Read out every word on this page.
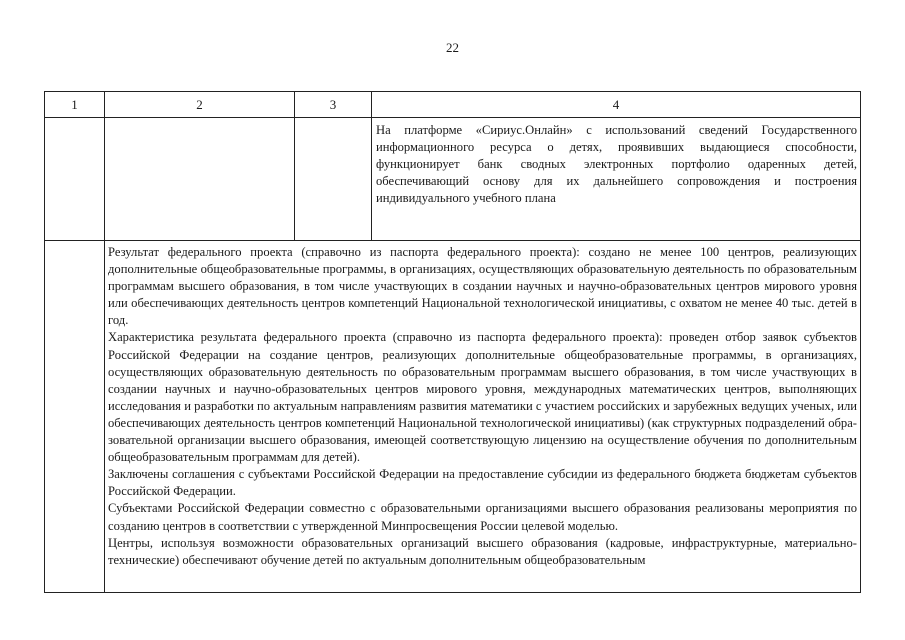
22
1	2	3	4
			На платформе «Сириус.Онлайн» с использований сведений Государственного информационного ресурса о детях, проявивших выдающиеся способности, функционирует банк сводных электронных портфолио одаренных детей, обеспечивающий основу для их дальнейшего сопровождения и построения индивидуального учебного плана

	Результат федерального проекта (справочно из паспорта федерального проекта): создано не менее 100 центров, реализующих дополнительные общеобразовательные программы, в организациях, осуществляющих образовательную деятельность по образовательным программам высшего образования, в том числе участвующих в создании научных и научно-образовательных центров мирового уровня или обеспечивающих деятельность центров компетенций Национальной технологической инициативы, с охватом не менее 40 тыс. детей в год.

Характеристика результата федерального проекта (справочно из паспорта федерального проекта): проведен отбор заявок субъектов Российской Федерации на создание центров, реализующих дополнительные общеобразовательные программы, в организациях, осуществляющих образовательную деятельность по образовательным программам высшего образования, в том числе участвующих в создании научных и научно-образовательных центров мирового уровня, международных математических центров, выполняющих исследования и разработки по актуальным направлениям развития математики с участием российских и зарубежных ведущих ученых, или обеспечивающих деятельность центров компетенций Национальной технологической инициативы) (как структурных подразделений образовательной организации высшего образования, имеющей соответствующую лицензию на осуществление обучения по дополнительным общеобразовательным программам для детей).

Заключены соглашения с субъектами Российской Федерации на предоставление субсидии из федерального бюджета бюджетам субъектов Российской Федерации.

Субъектами Российской Федерации совместно с образовательными организациями высшего образования реализованы мероприятия по созданию центров в соответствии с утвержденной Минпросвещения России целевой моделью.

Центры, используя возможности образовательных организаций высшего образования (кадровые, инфраструктурные, материально-технические) обеспечивают обучение детей по актуальным дополнительным общеобразовательным		
